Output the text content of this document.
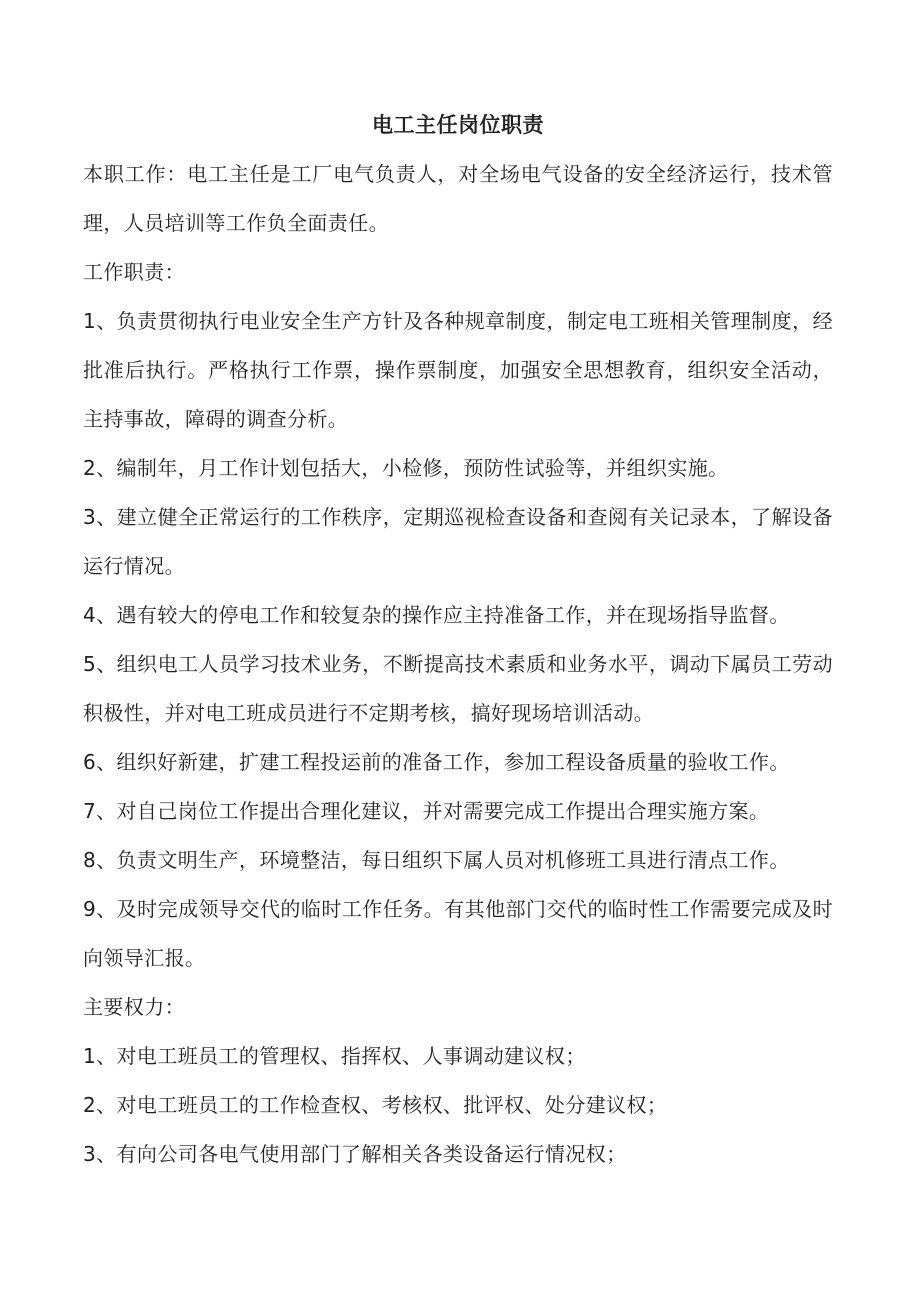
电工主任岗位职责

本职工作：电工主任是工厂电气负责人，对全场电气设备的安全经济运行，技术管理，人员培训等工作负全面责任。

工作职责：

1、负责贯彻执行电业安全生产方针及各种规章制度，制定电工班相关管理制度，经批准后执行。严格执行工作票，操作票制度，加强安全思想教育，组织安全活动，主持事故，障碍的调查分析。

2、编制年，月工作计划包括大，小检修，预防性试验等，并组织实施。

3、建立健全正常运行的工作秩序，定期巡视检查设备和查阅有关记录本，了解设备运行情况。

4、遇有较大的停电工作和较复杂的操作应主持准备工作，并在现场指导监督。

5、组织电工人员学习技术业务，不断提高技术素质和业务水平，调动下属员工劳动积极性，并对电工班成员进行不定期考核，搞好现场培训活动。

6、组织好新建，扩建工程投运前的准备工作，参加工程设备质量的验收工作。

7、对自己岗位工作提出合理化建议，并对需要完成工作提出合理实施方案。

8、负责文明生产，环境整洁，每日组织下属人员对机修班工具进行清点工作。

9、及时完成领导交代的临时工作任务。有其他部门交代的临时性工作需要完成及时向领导汇报。

主要权力：

1、对电工班员工的管理权、指挥权、人事调动建议权；

2、对电工班员工的工作检查权、考核权、批评权、处分建议权；

3、有向公司各电气使用部门了解相关各类设备运行情况权；
